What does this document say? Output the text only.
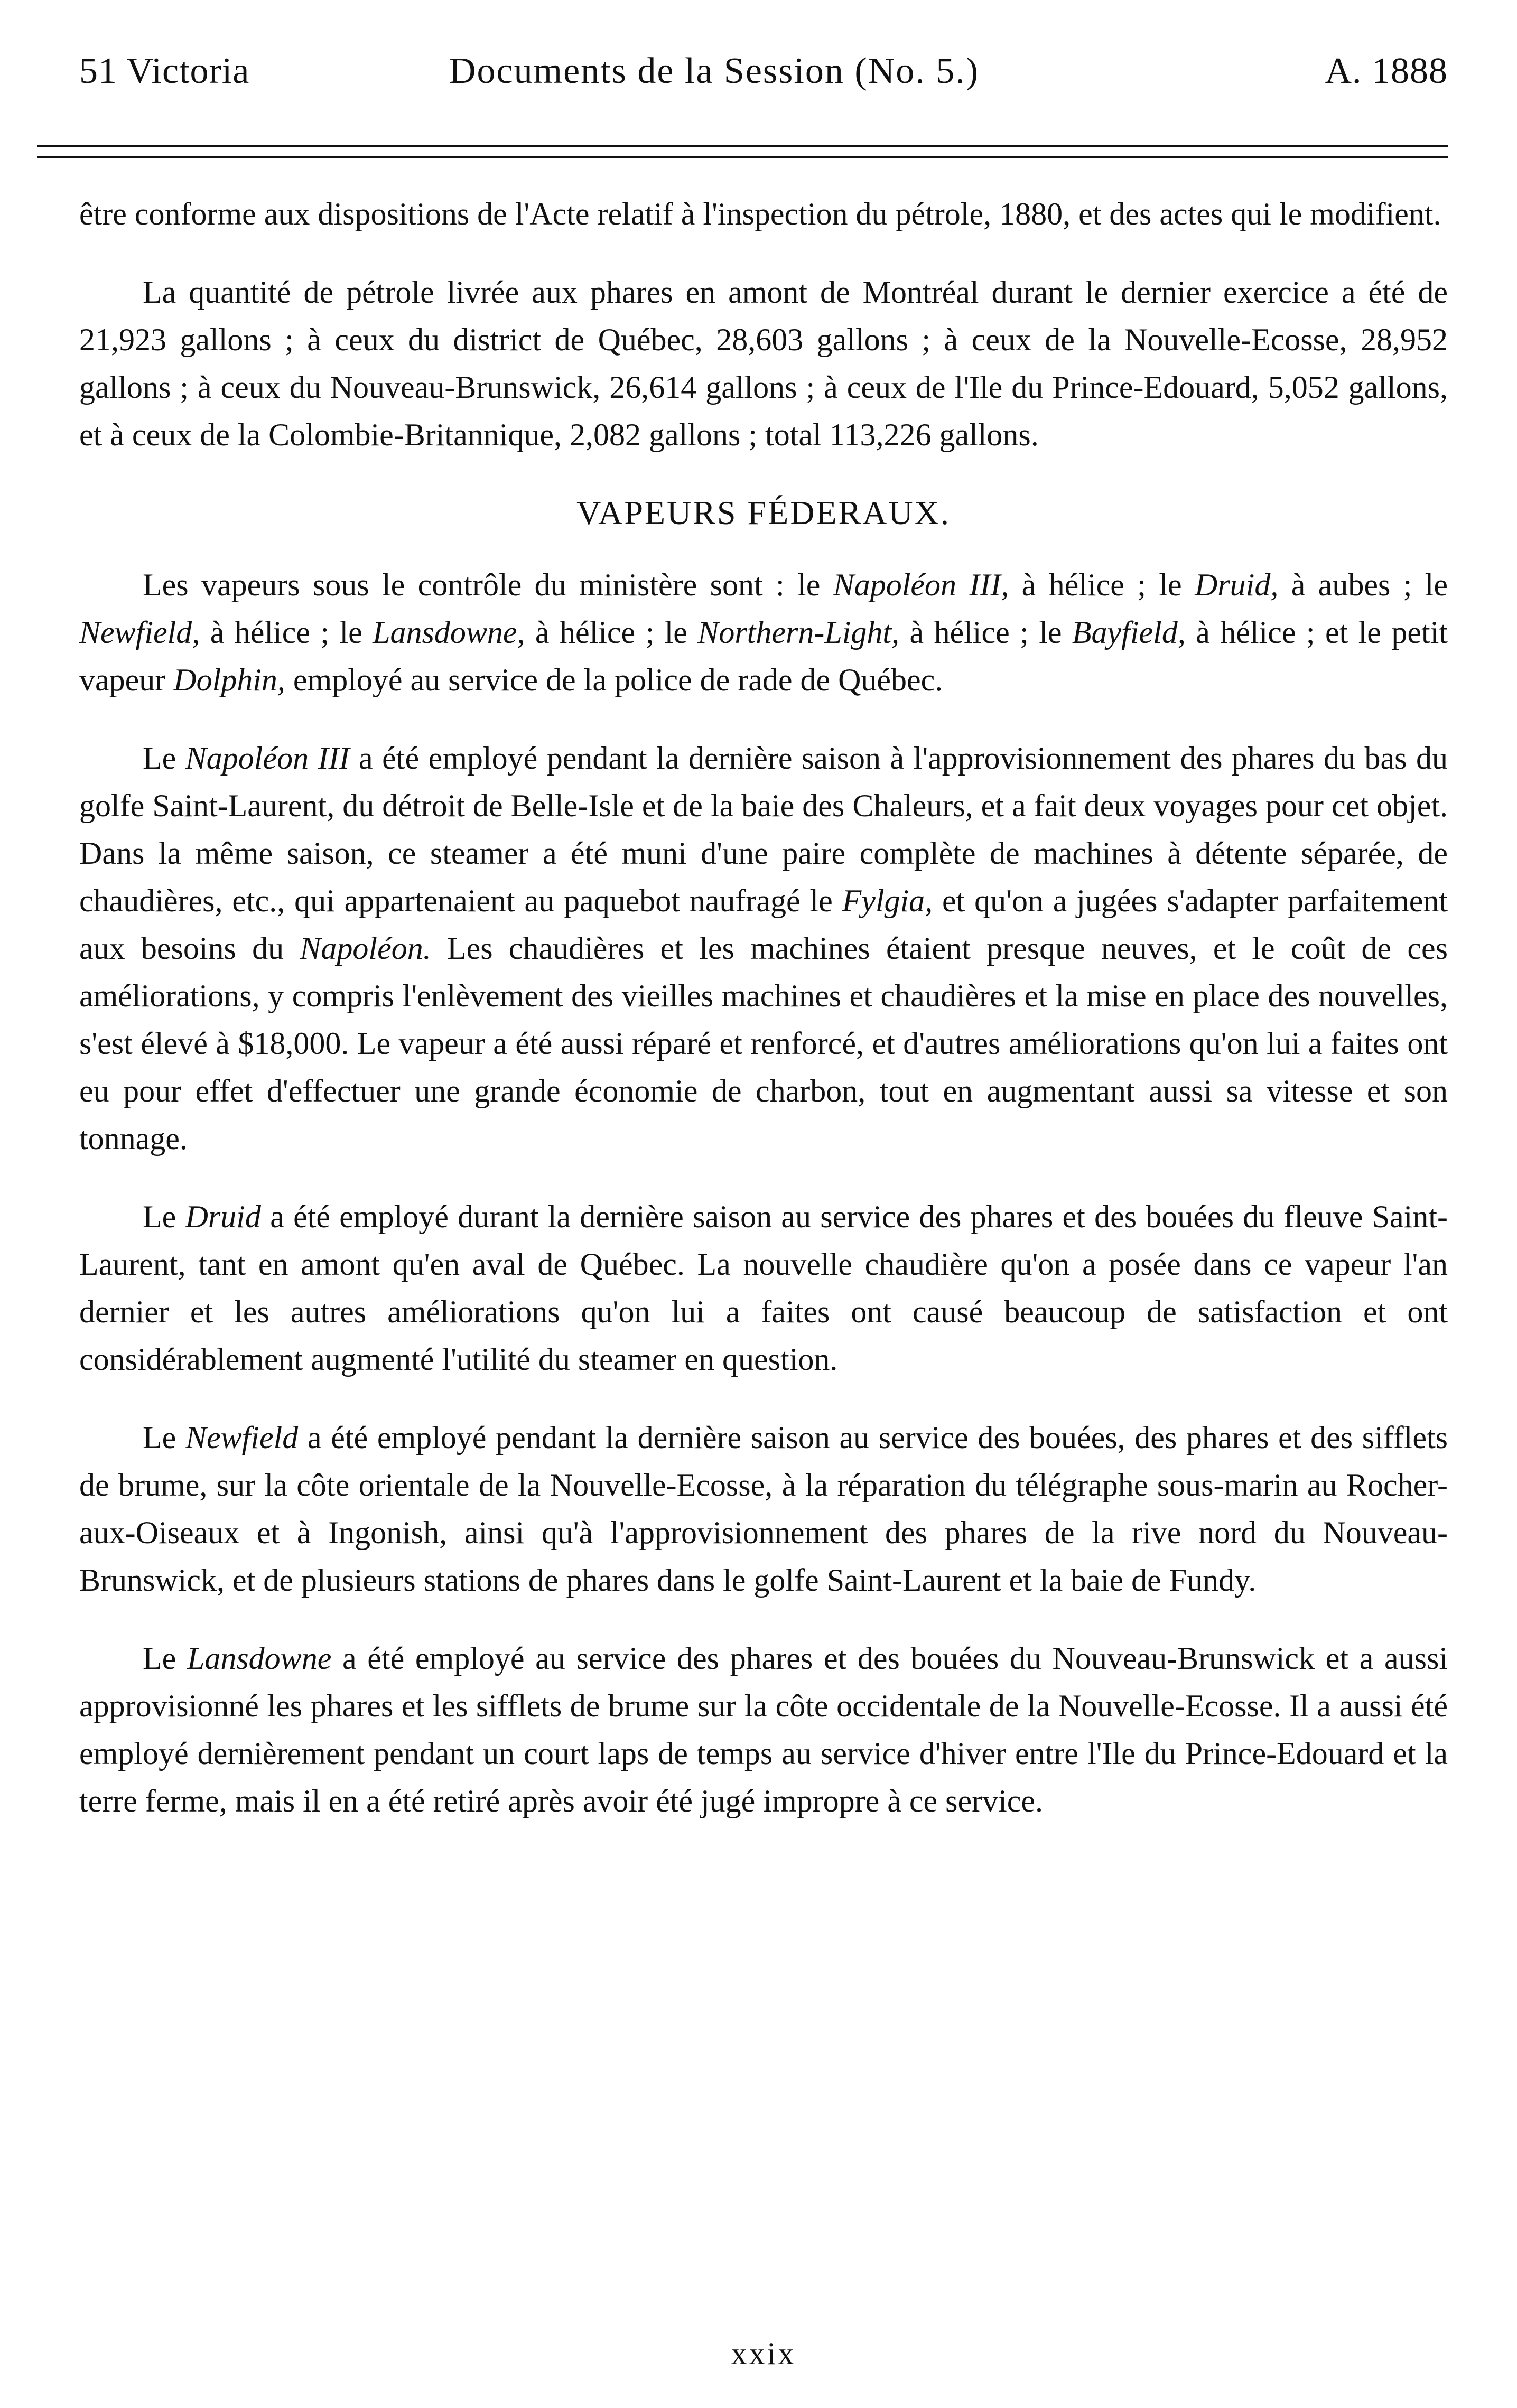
51 Victoria	Documents de la Session (No. 5.)	A. 1888

être conforme aux dispositions de l'Acte relatif à l'inspection du pétrole, 1880, et des actes qui le modifient.

La quantité de pétrole livrée aux phares en amont de Montréal durant le dernier exercice a été de 21,923 gallons ; à ceux du district de Québec, 28,603 gallons ; à ceux de la Nouvelle-Ecosse, 28,952 gallons ; à ceux du Nouveau-Brunswick, 26,614 gallons ; à ceux de l'Ile du Prince-Edouard, 5,052 gallons, et à ceux de la Colombie-Britannique, 2,082 gallons ; total 113,226 gallons.

VAPEURS FÉDERAUX.

Les vapeurs sous le contrôle du ministère sont : le Napoléon III, à hélice ; le Druid, à aubes ; le Newfield, à hélice ; le Lansdowne, à hélice ; le Northern-Light, à hélice ; le Bayfield, à hélice ; et le petit vapeur Dolphin, employé au service de la police de rade de Québec.

Le Napoléon III a été employé pendant la dernière saison à l'approvisionnement des phares du bas du golfe Saint-Laurent, du détroit de Belle-Isle et de la baie des Chaleurs, et a fait deux voyages pour cet objet. Dans la même saison, ce steamer a été muni d'une paire complète de machines à détente séparée, de chaudières, etc., qui appartenaient au paquebot naufragé le Fylgia, et qu'on a jugées s'adapter parfaitement aux besoins du Napoléon. Les chaudières et les machines étaient presque neuves, et le coût de ces améliorations, y compris l'enlèvement des vieilles machines et chaudières et la mise en place des nouvelles, s'est élevé à $18,000. Le vapeur a été aussi réparé et renforcé, et d'autres améliorations qu'on lui a faites ont eu pour effet d'effectuer une grande économie de charbon, tout en augmentant aussi sa vitesse et son tonnage.

Le Druid a été employé durant la dernière saison au service des phares et des bouées du fleuve Saint-Laurent, tant en amont qu'en aval de Québec. La nouvelle chaudière qu'on a posée dans ce vapeur l'an dernier et les autres améliorations qu'on lui a faites ont causé beaucoup de satisfaction et ont considérablement augmenté l'utilité du steamer en question.

Le Newfield a été employé pendant la dernière saison au service des bouées, des phares et des sifflets de brume, sur la côte orientale de la Nouvelle-Ecosse, à la réparation du télégraphe sous-marin au Rocher-aux-Oiseaux et à Ingonish, ainsi qu'à l'approvisionnement des phares de la rive nord du Nouveau-Brunswick, et de plusieurs stations de phares dans le golfe Saint-Laurent et la baie de Fundy.

Le Lansdowne a été employé au service des phares et des bouées du Nouveau-Brunswick et a aussi approvisionné les phares et les sifflets de brume sur la côte occidentale de la Nouvelle-Ecosse. Il a aussi été employé dernièrement pendant un court laps de temps au service d'hiver entre l'Ile du Prince-Edouard et la terre ferme, mais il en a été retiré après avoir été jugé impropre à ce service.

xxix
